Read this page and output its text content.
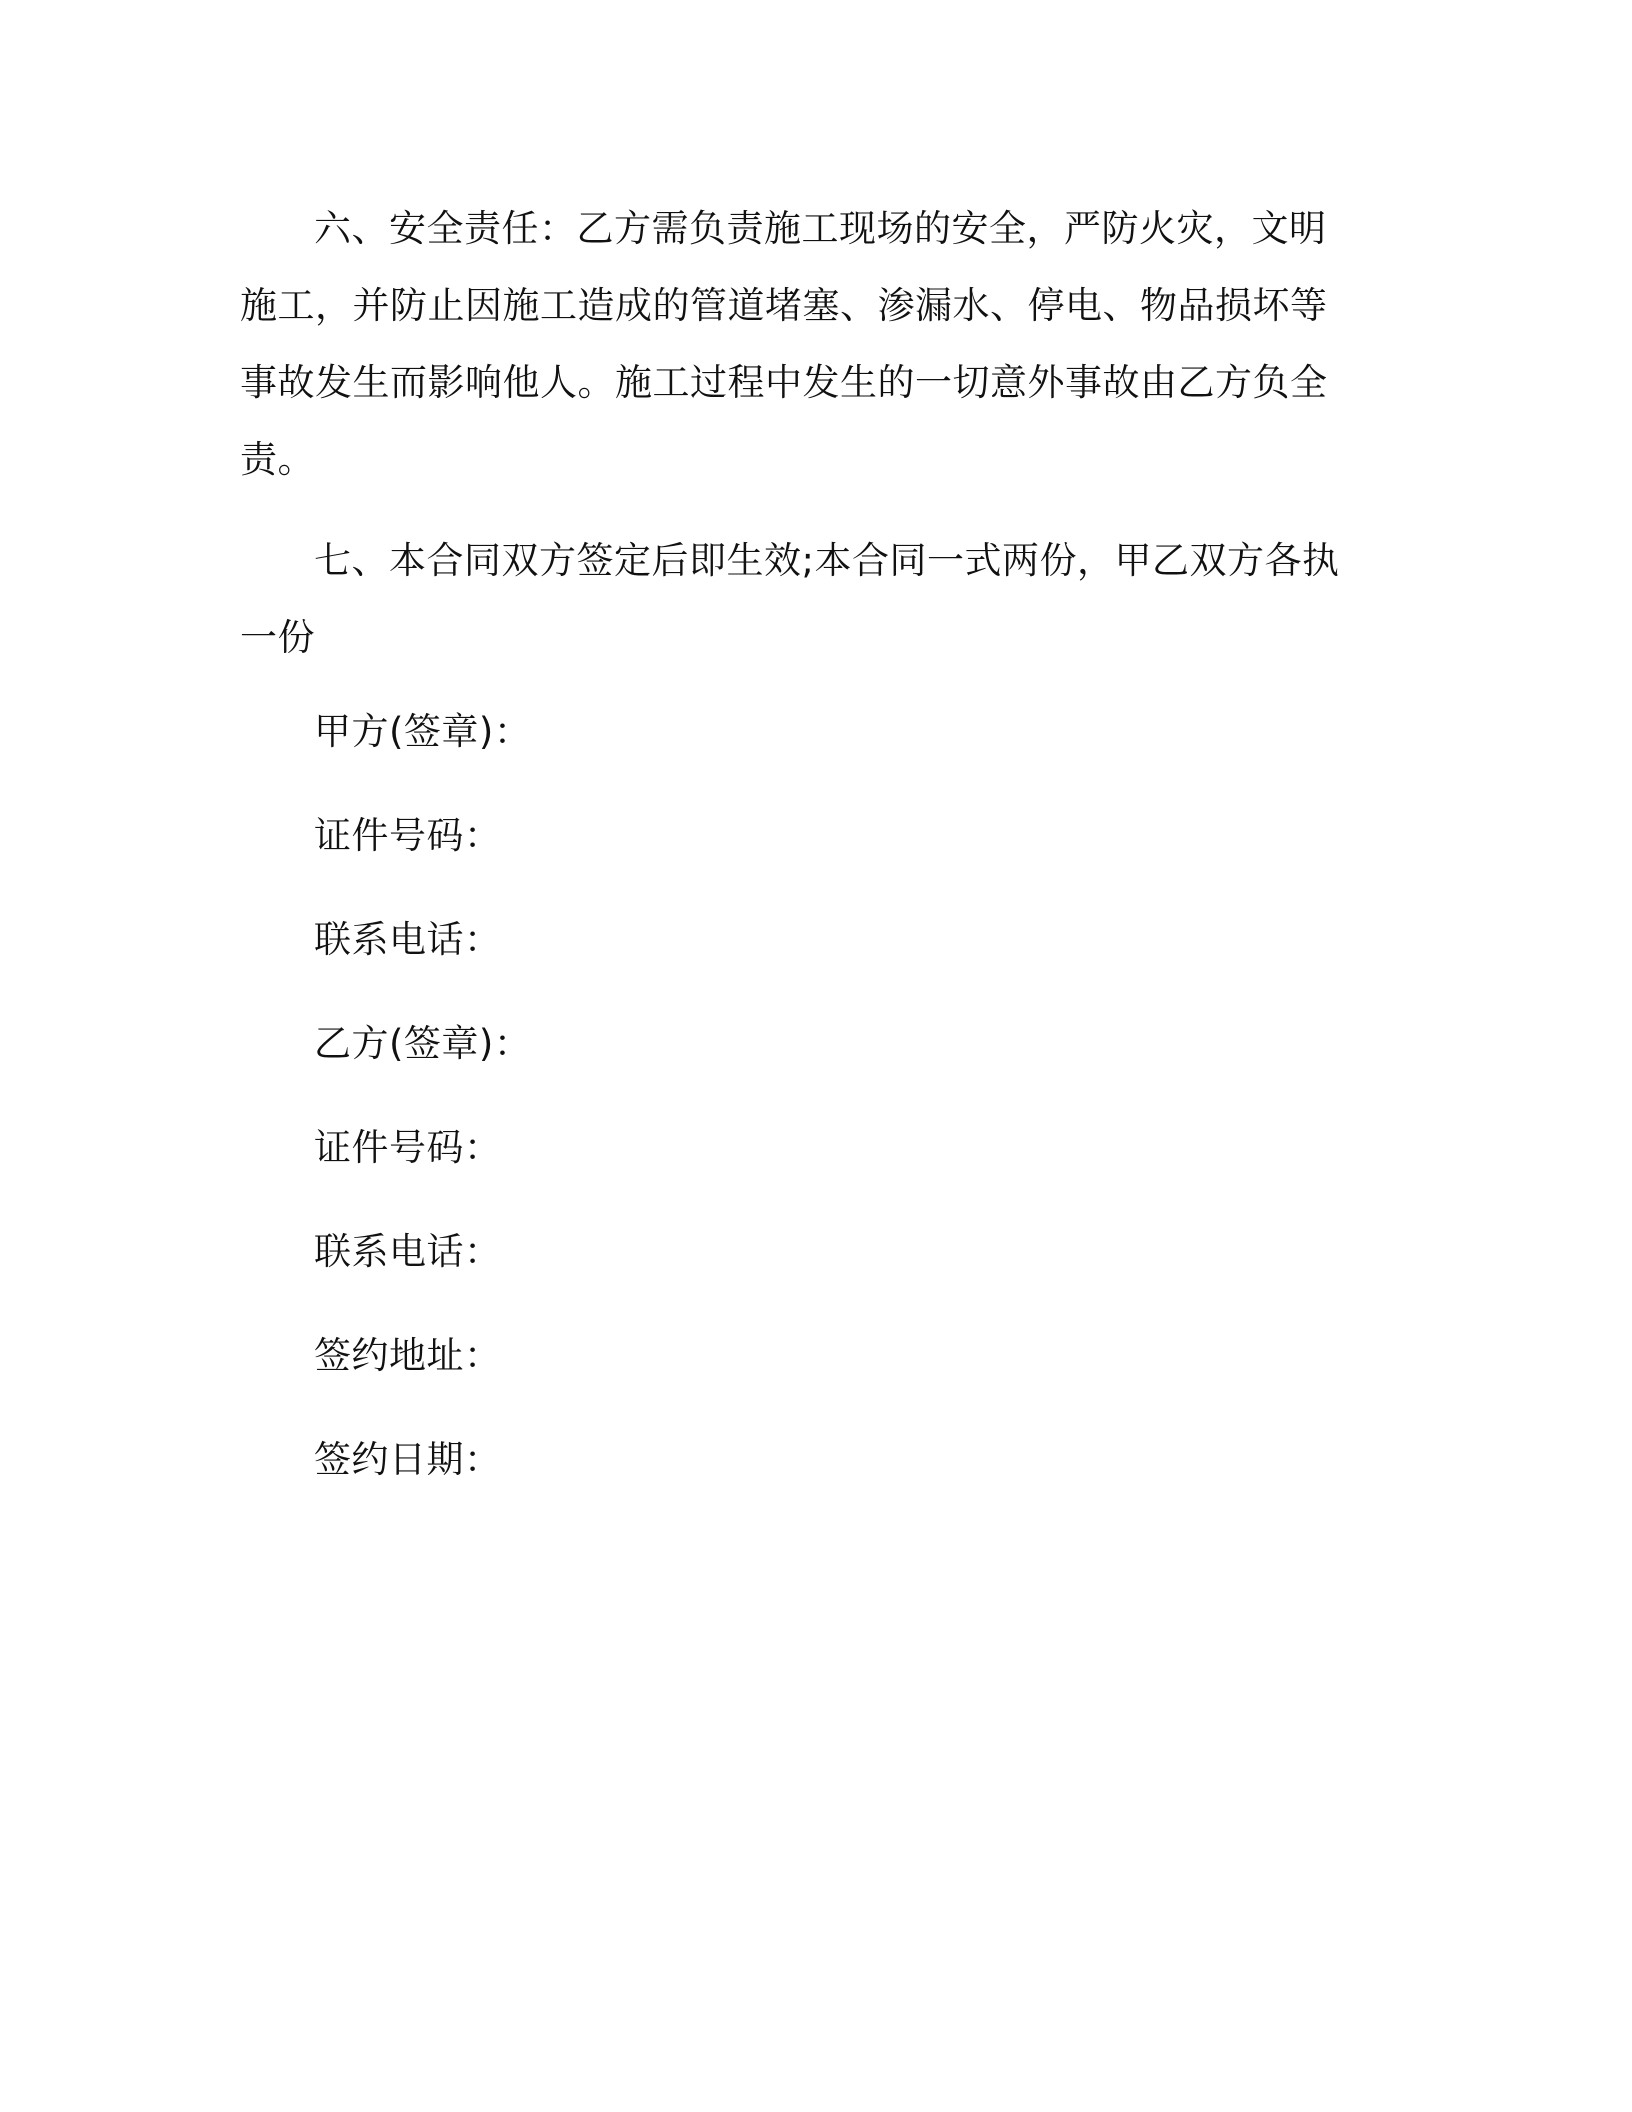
六、安全责任：乙方需负责施工现场的安全，严防火灾，文明施工，并防止因施工造成的管道堵塞、渗漏水、停电、物品损坏等事故发生而影响他人。施工过程中发生的一切意外事故由乙方负全责。

七、本合同双方签定后即生效;本合同一式两份，甲乙双方各执一份

甲方(签章)：

证件号码：

联系电话：

乙方(签章)：

证件号码：

联系电话：

签约地址：

签约日期：
